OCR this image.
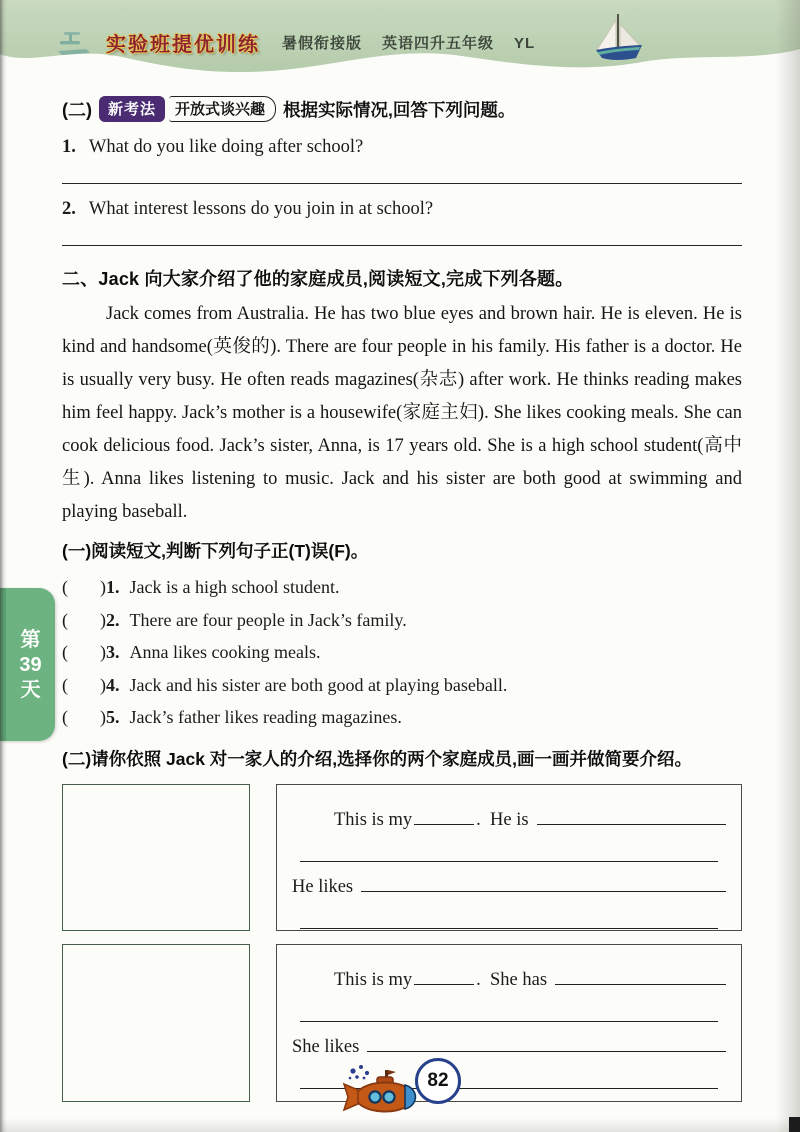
实验班提优训练 暑假衔接版 英语四升五年级 YL
(二)	新考法	开放式谈兴趣	根据实际情况,回答下列问题。
1. What do you like doing after school?
2. What interest lessons do you join in at school?
二、Jack 向大家介绍了他的家庭成员,阅读短文,完成下列各题。

Jack comes from Australia. He has two blue eyes and brown hair. He is eleven. He is kind and handsome(英俊的). There are four people in his family. His father is a doctor. He is usually very busy. He often reads magazines(杂志) after work. He thinks reading makes him feel happy. Jack’s mother is a housewife(家庭主妇). She likes cooking meals. She can cook delicious food. Jack’s sister, Anna, is 17 years old. She is a high school student(高中生). Anna likes listening to music. Jack and his sister are both good at swimming and playing baseball.

(一)阅读短文,判断下列句子正(T)误(F)。
( ) 1. Jack is a high school student.
( ) 2. There are four people in Jack’s family.
( ) 3. Anna likes cooking meals.
( ) 4. Jack and his sister are both good at playing baseball.
( ) 5. Jack’s father likes reading magazines.
(二)请你依照 Jack 对一家人的介绍,选择你的两个家庭成员,画一画并做简要介绍。
This is my	.  He is
He likes
This is my	.  She has
She likes
第
39
天
82
